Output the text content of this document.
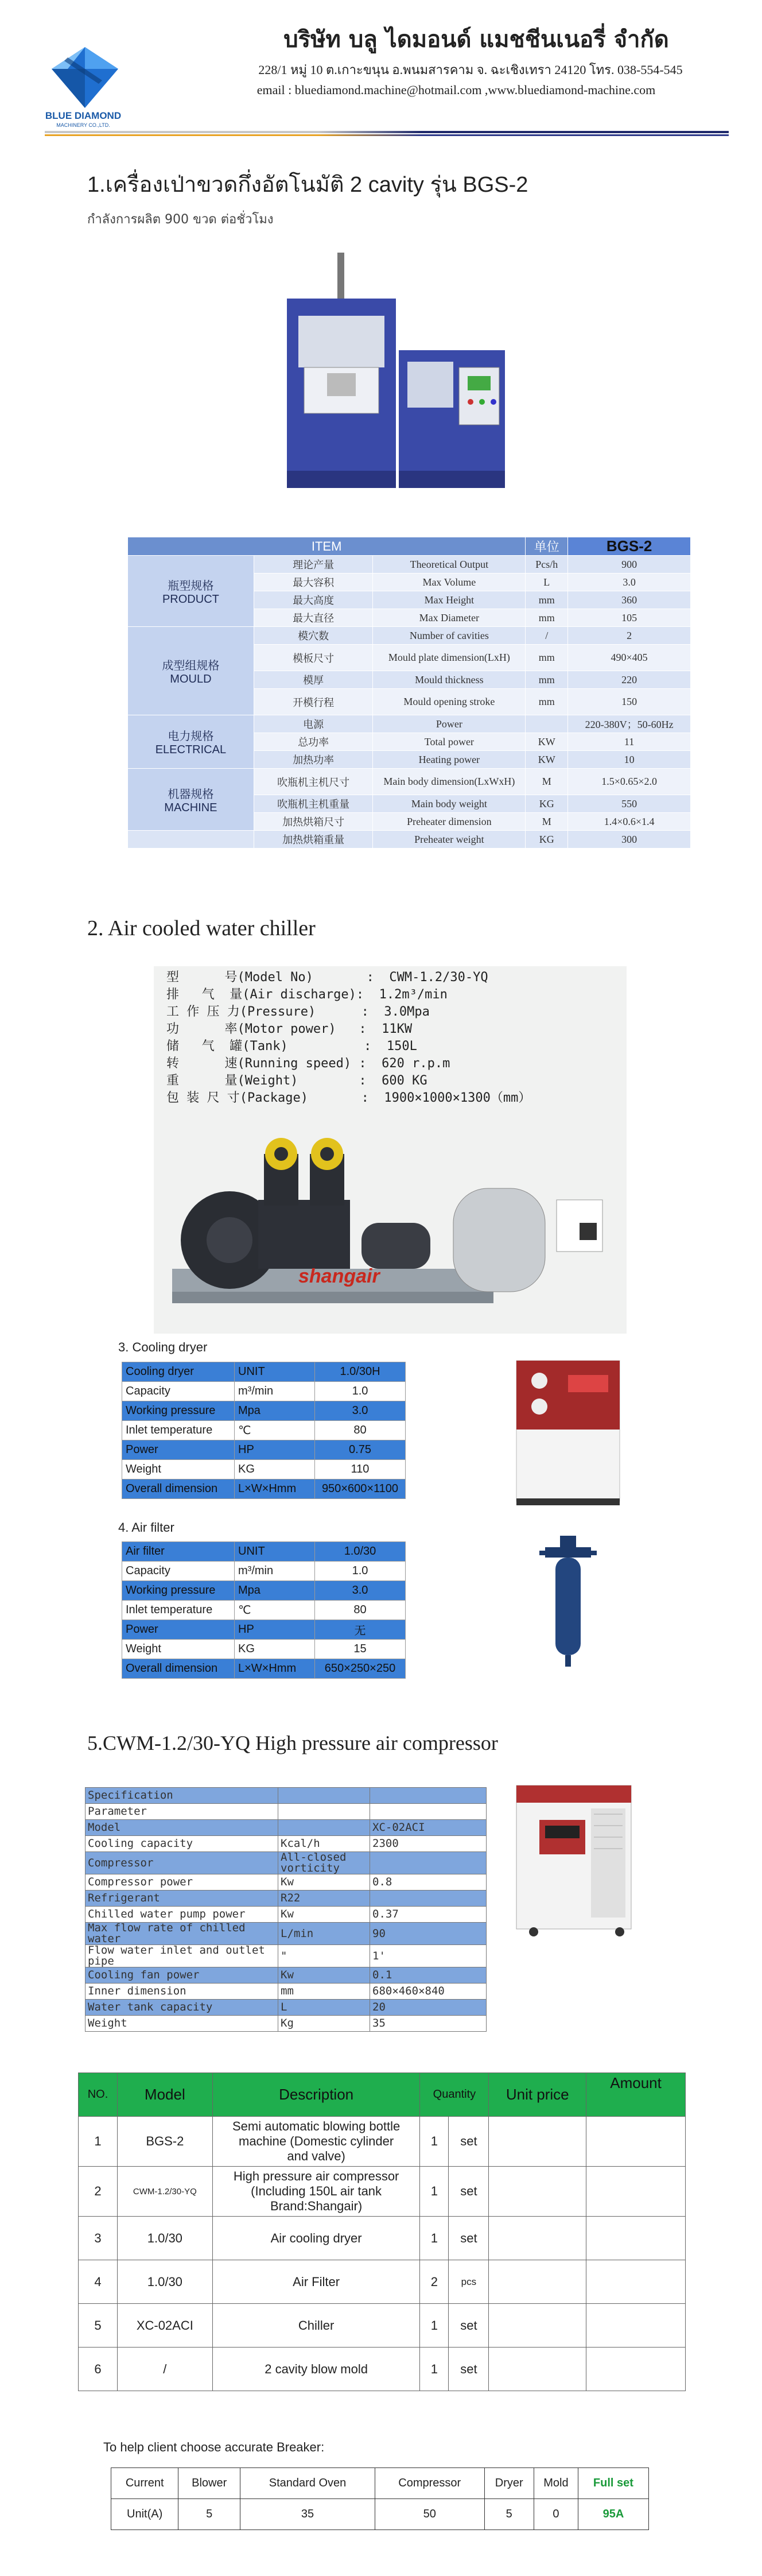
BLUE DIAMOND
MACHINERY CO.,LTD.
บริษัท บลู ไดมอนด์ แมชชีนเนอรี่ จำกัด
228/1 หมู่ 10 ต.เกาะขนุน อ.พนมสารคาม จ. ฉะเชิงเทรา 24120 โทร. 038-554-545
email : bluediamond.machine@hotmail.com ,www.bluediamond-machine.com
1.เครื่องเป่าขวดกึ่งอัตโนมัติ 2 cavity รุ่น BGS-2
กำลังการผลิต 900 ขวด ต่อชั่วโมง
ITEM			单位	BGS-2
瓶型规格
PRODUCT	理论产量	Theoretical Output	Pcs/h	900
	最大容积	Max Volume	L	3.0
	最大高度	Max Height	mm	360
	最大直径	Max Diameter	mm	105
成型组规格
MOULD	模穴数	Number of cavities	/	2
	模板尺寸	Mould plate dimension(LxH)	mm	490×405
	模厚	Mould thickness	mm	220
	开模行程	Mould opening stroke	mm	150
电力规格
ELECTRICAL	电源	Power		220-380V；50-60Hz
	总功率	Total power	KW	11
	加热功率	Heating power	KW	10
机器规格
MACHINE	吹瓶机主机尺寸	Main body dimension(LxWxH)	M	1.5×0.65×2.0
	吹瓶机主机重量	Main body weight	KG	550
	加热烘箱尺寸	Preheater dimension	M	1.4×0.6×1.4
	加热烘箱重量	Preheater weight	KG	300
2. Air cooled water chiller
型      号(Model No)       :  CWM-1.2/30-YQ
排   气  量(Air discharge):  1.2m³/min
工 作 压 力(Pressure)      :  3.0Mpa
功      率(Motor power)   :  11KW
储   气  罐(Tank)          :  150L
转      速(Running speed) :  620 r.p.m
重      量(Weight)        :  600 KG
包 装 尺 寸(Package)       :  1900×1000×1300（mm）
shangair
3. Cooling dryer
Cooling dryer	UNIT	1.0/30H
Capacity	m³/min	1.0
Working pressure	Mpa	3.0
Inlet temperature	℃	80
Power	HP	0.75
Weight	KG	110
Overall dimension	L×W×Hmm	950×600×1100
4. Air filter
Air filter	UNIT	1.0/30
Capacity	m³/min	1.0
Working pressure	Mpa	3.0
Inlet temperature	℃	80
Power	HP	无
Weight	KG	15
Overall dimension	L×W×Hmm	650×250×250
5.CWM-1.2/30-YQ High pressure air compressor
Specification		
Parameter		
Model		XC-02ACI
Cooling capacity	Kcal/h	2300
Compressor	All-closed vorticity	
Compressor power	Kw	0.8
Refrigerant	R22	
Chilled water pump power	Kw	0.37
Max flow rate of chilled water	L/min	90
Flow water inlet and outlet pipe	"	1'
Cooling fan power	Kw	0.1
Inner dimension	mm	680×460×840
Water tank capacity	L	20
Weight	Kg	35
NO.	Model	Description	Quantity		Unit price	Amount
1	BGS-2	Semi automatic blowing bottle machine (Domestic cylinder and valve)	1	set		
2	CWM-1.2/30-YQ	High pressure air compressor (Including 150L air tank Brand:Shangair)	1	set		
3	1.0/30	Air cooling dryer	1	set		
4	1.0/30	Air Filter	2	pcs		
5	XC-02ACI	Chiller	1	set		
6	/	2 cavity blow mold	1	set		
To help client choose accurate Breaker:
Current	Blower	Standard Oven	Compressor	Dryer	Mold	Full set
Unit(A)	5	35	50	5	0	95A
